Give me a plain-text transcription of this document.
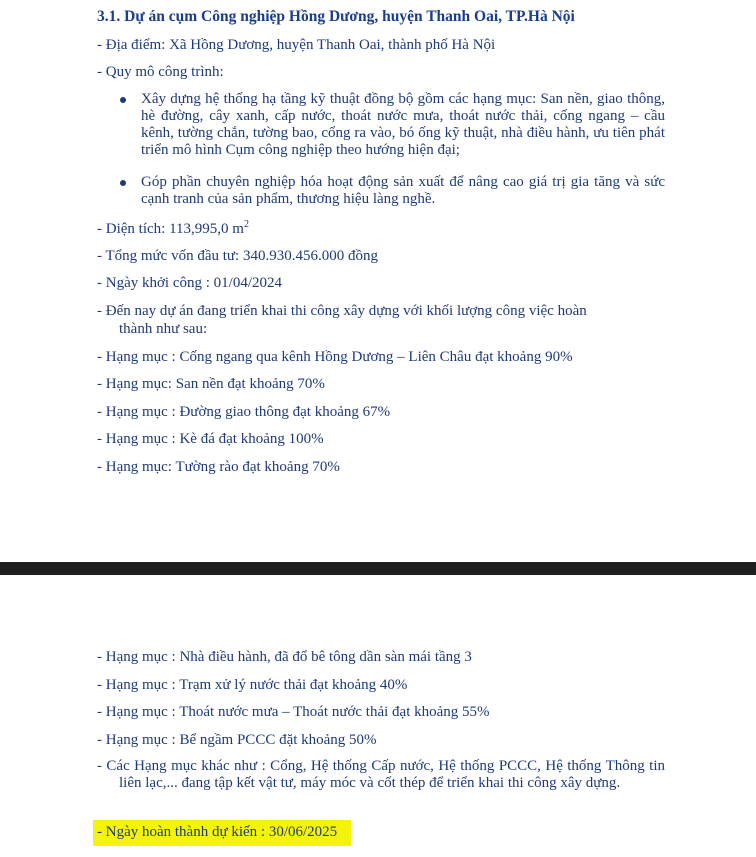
3.1. Dự án cụm Công nghiệp Hồng Dương, huyện Thanh Oai, TP.Hà Nội
- Địa điểm: Xã Hồng Dương, huyện Thanh Oai, thành phố Hà Nội
- Quy mô công trình:
Xây dựng hệ thống hạ tầng kỹ thuật đồng bộ gồm các hạng mục: San nền, giao thông, hè đường, cây xanh, cấp nước, thoát nước mưa, thoát nước thải, cống ngang – cầu kênh, tường chắn, tường bao, cổng ra vào, bó ống kỹ thuật, nhà điều hành, ưu tiên phát triển mô hình Cụm công nghiệp theo hướng hiện đại;
Góp phần chuyên nghiệp hóa hoạt động sản xuất để nâng cao giá trị gia tăng và sức cạnh tranh của sản phẩm, thương hiệu làng nghề.
- Diện tích: 113,995,0 $m^2$
- Tổng mức vốn đầu tư: 340.930.456.000 đồng
- Ngày khởi công : 01/04/2024
- Đến nay dự án đang triển khai thi công xây dựng với khối lượng công việc hoàn
thành như sau:
- Hạng mục : Cống ngang qua kênh Hồng Dương – Liên Châu đạt khoảng 90%
- Hạng mục: San nền đạt khoảng 70%
- Hạng mục : Đường giao thông đạt khoảng 67%
- Hạng mục : Kè đá đạt khoảng 100%
- Hạng mục: Tường rào đạt khoảng 70%
- Hạng mục : Nhà điều hành, đã đổ bê tông dần sàn mái tầng 3
- Hạng mục : Trạm xử lý nước thải đạt khoảng 40%
- Hạng mục : Thoát nước mưa – Thoát nước thải đạt khoảng 55%
- Hạng mục : Bể ngầm PCCC đặt khoảng 50%
- Các Hạng mục khác như : Cổng, Hệ thống Cấp nước, Hệ thống PCCC, Hệ thống Thông tin liên lạc,... đang tập kết vật tư, máy móc và cốt thép để triển khai thi công xây dựng.
- Ngày hoàn thành dự kiến : 30/06/2025
